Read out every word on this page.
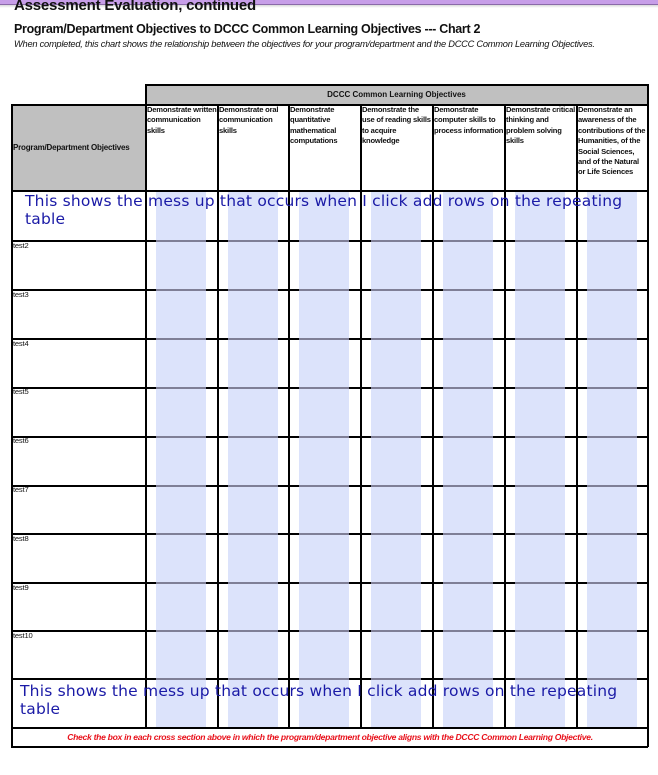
Assessment Evaluation, continued
Program/Department Objectives to DCCC Common Learning Objectives --- Chart 2
When completed, this chart shows the relationship between the objectives for your program/department and the DCCC Common Learning Objectives.
DCCC Common Learning Objectives
Program/Department Objectives
Demonstrate written communication skills
Demonstrate oral communication skills
Demonstrate quantitative mathematical computations
Demonstrate the use of reading skills to acquire knowledge
Demonstrate computer skills to process information
Demonstrate critical thinking and problem solving skills
Demonstrate an awareness of the contributions of the Humanities, of the Social Sciences, and of the Natural or Life Sciences
test2
test3
test4
test5
test6
test7
test8
test9
test10
This shows the mess up that occurs when I click add rows on the repeating table
This shows the mess up that occurs when I click add rows on the repeating table
Check the box in each cross section above in which the program/department objective aligns with the DCCC Common Learning Objective.
